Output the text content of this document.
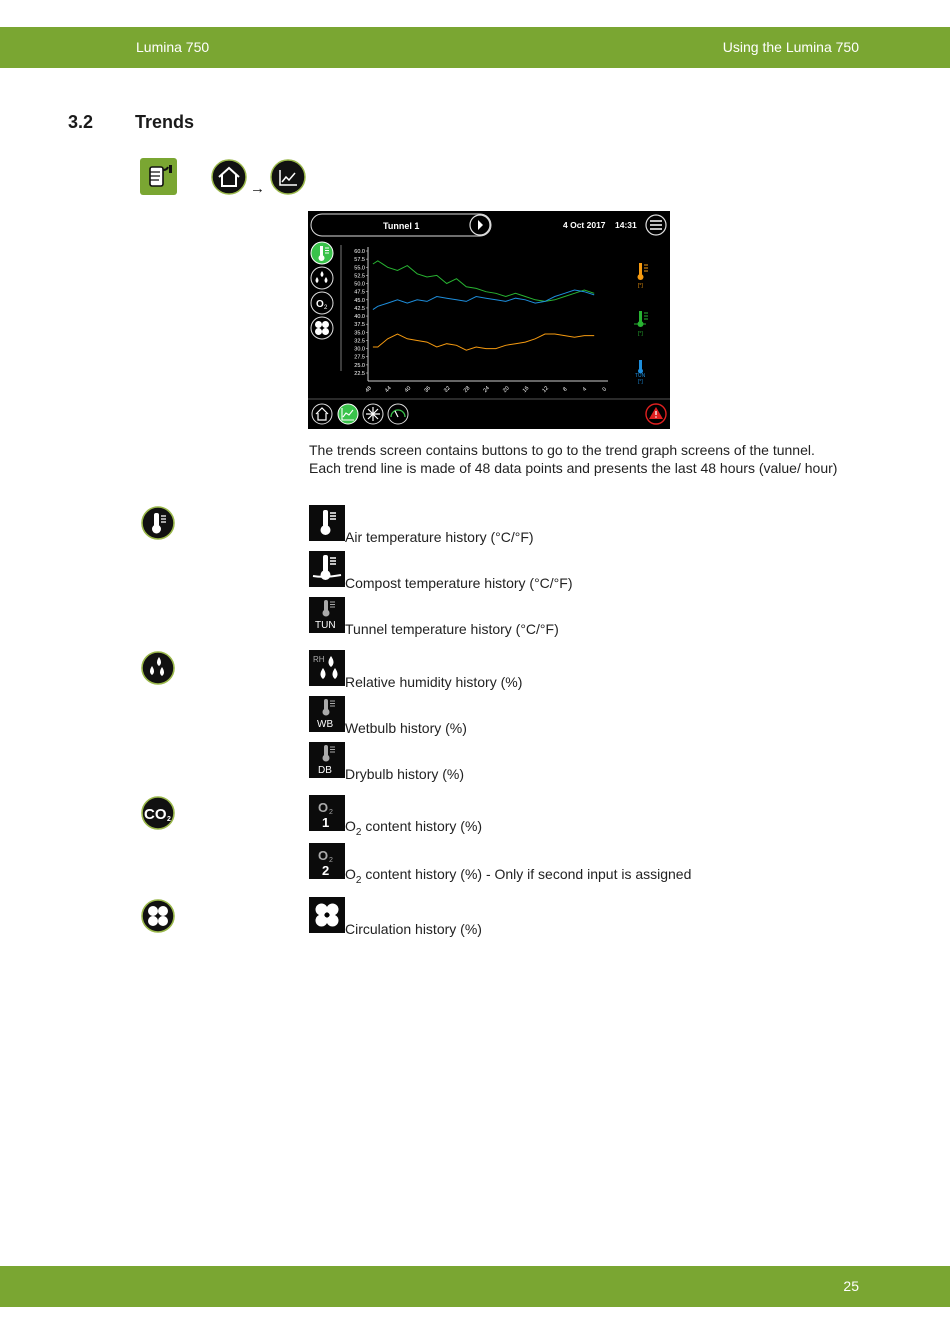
Lumina 750	Using the Lumina 750
3.2 Trends
→
Tunnel 1	4 Oct 2017 14:31
O 2
60.0
57.5
55.0
52.5
50.0
47.5
45.0
42.5
40.0
37.5
35.0
32.5
30.0
27.5
25.0
22.5
48 44 40 36 32 28 24 20 16 12 8 4 0
[°]
[°]
TUN
[°]
The trends screen contains buttons to go to the trend graph screens of the tunnel. Each trend line is made of 48 data points and presents the last 48 hours (value/ hour)
CO 2
TUN
RH
WB
DB
O 2
1
O 2
2
Air temperature history (°C/°F)
Compost temperature history (°C/°F)
Tunnel temperature history (°C/°F)
Relative humidity history (%)
Wetbulb history (%)
Drybulb history (%)
$O_2$ content history (%)
$O_2$ content history (%) - Only if second input is assigned
Circulation history (%)
25
